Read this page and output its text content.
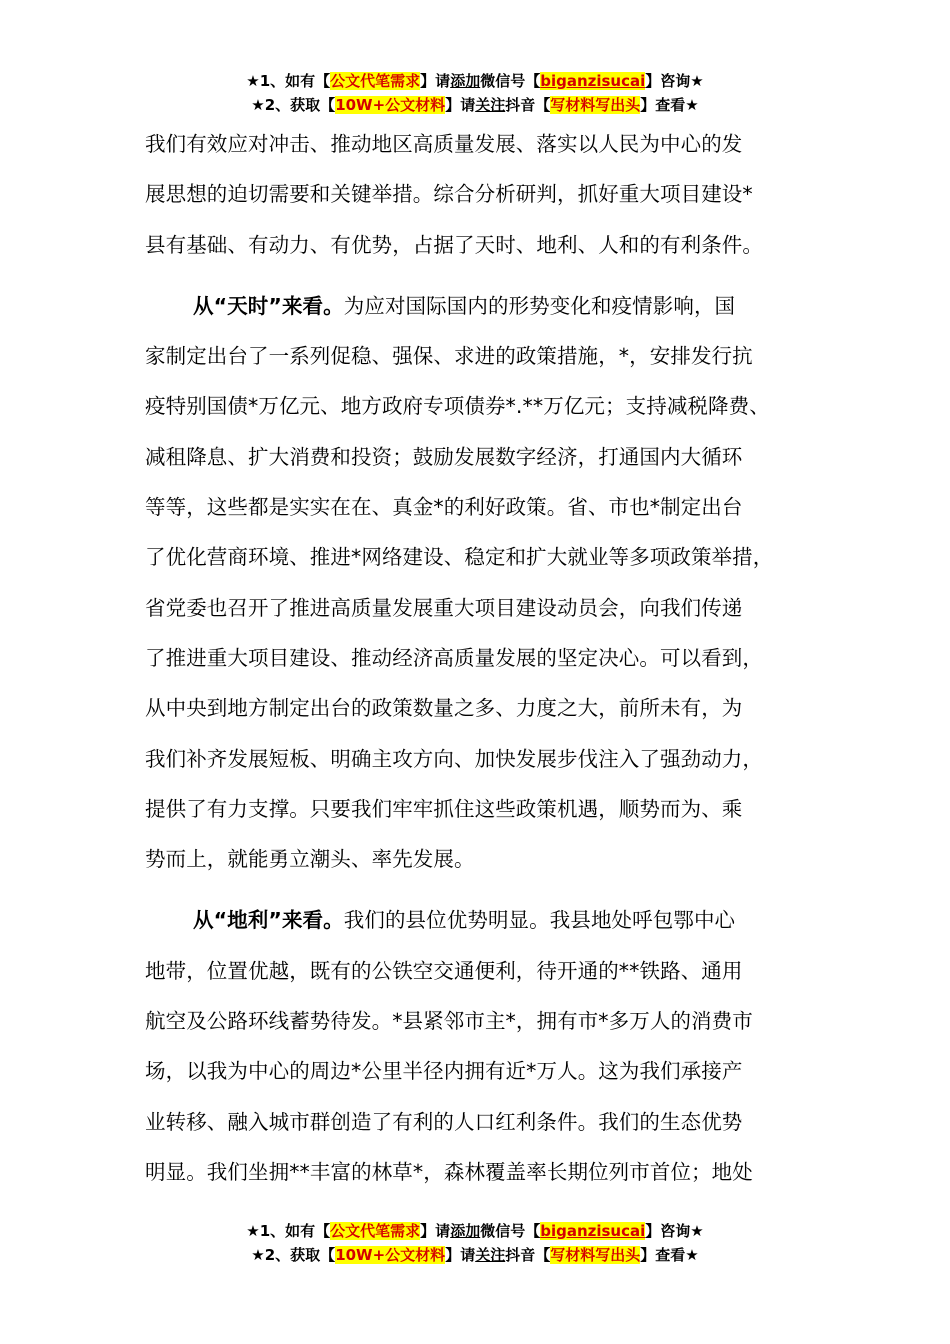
★1、如有【公文代笔需求】请添加微信号【biganzisucai】咨询★
★2、获取【10W+公文材料】请关注抖音【写材料写出头】查看★
我们有效应对冲击、推动地区高质量发展、落实以人民为中心的发
展思想的迫切需要和关键举措。综合分析研判，抓好重大项目建设*
县有基础、有动力、有优势，占据了天时、地利、人和的有利条件。
从“天时”来看。为应对国际国内的形势变化和疫情影响，国
家制定出台了一系列促稳、强保、求进的政策措施，*，安排发行抗
疫特别国债*万亿元、地方政府专项债券*.**万亿元；支持减税降费、
减租降息、扩大消费和投资；鼓励发展数字经济，打通国内大循环
等等，这些都是实实在在、真金*的利好政策。省、市也*制定出台
了优化营商环境、推进*网络建设、稳定和扩大就业等多项政策举措，
省党委也召开了推进高质量发展重大项目建设动员会，向我们传递
了推进重大项目建设、推动经济高质量发展的坚定决心。可以看到，
从中央到地方制定出台的政策数量之多、力度之大，前所未有，为
我们补齐发展短板、明确主攻方向、加快发展步伐注入了强劲动力，
提供了有力支撑。只要我们牢牢抓住这些政策机遇，顺势而为、乘
势而上，就能勇立潮头、率先发展。
从“地利”来看。我们的县位优势明显。我县地处呼包鄂中心
地带，位置优越，既有的公铁空交通便利，待开通的**铁路、通用
航空及公路环线蓄势待发。*县紧邻市主*，拥有市*多万人的消费市
场，以我为中心的周边*公里半径内拥有近*万人。这为我们承接产
业转移、融入城市群创造了有利的人口红利条件。我们的生态优势
明显。我们坐拥**丰富的林草*，森林覆盖率长期位列市首位；地处
★1、如有【公文代笔需求】请添加微信号【biganzisucai】咨询★
★2、获取【10W+公文材料】请关注抖音【写材料写出头】查看★
